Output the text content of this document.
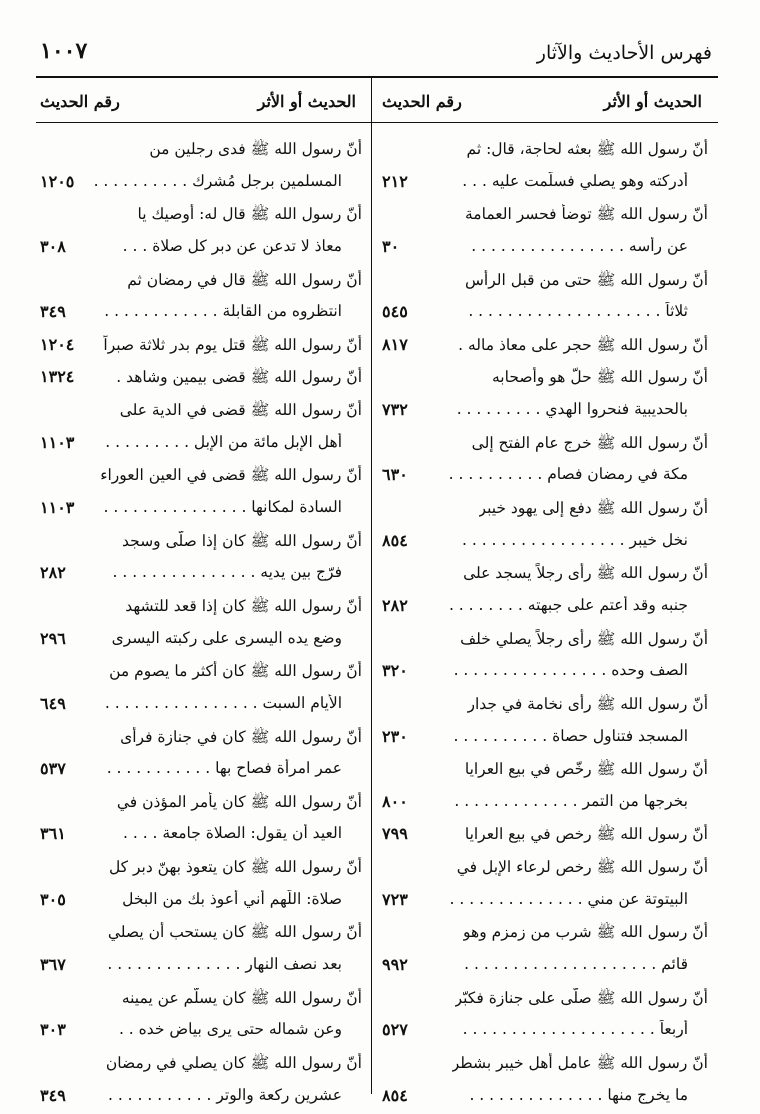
فهرس الأحاديث والآثار
١٠٠٧
الحديث أو الأثر
رقم الحديث
أنّ رسول الله ﷺ بعثه لحاجة، قال: ثم
أدركته وهو يصلي فسلّمت عليه . . .
٢١٢
أنّ رسول الله ﷺ توضأ فحسر العمامة
عن رأسه . . . . . . . . . . . . . . . .
٣٠
أنّ رسول الله ﷺ حتى من قبل الرأس
ثلاثاً . . . . . . . . . . . . . . . . . . . .
٥٤٥
أنّ رسول الله ﷺ حجر على معاذ ماله .
٨١٧
أنّ رسول الله ﷺ حلّ هو وأصحابه
بالحديبية فنحروا الهدي . . . . . . . . .
٧٣٢
أنّ رسول الله ﷺ خرج عام الفتح إلى
مكة في رمضان فصام . . . . . . . . . .
٦٣٠
أنّ رسول الله ﷺ دفع إلى يهود خيبر
نخل خيبر . . . . . . . . . . . . . . . . .
٨٥٤
أنّ رسول الله ﷺ رأى رجلاً يسجد على
جنبه وقد أعتم على جبهته . . . . . . . .
٢٨٢
أنّ رسول الله ﷺ رأى رجلاً يصلي خلف
الصف وحده . . . . . . . . . . . . . . . .
٣٢٠
أنّ رسول الله ﷺ رأى نخامة في جدار
المسجد فتناول حصاة . . . . . . . . . .
٢٣٠
أنّ رسول الله ﷺ رخّص في بيع العرايا
بخرجها من التمر . . . . . . . . . . . . .
٨٠٠
أنّ رسول الله ﷺ رخص في بيع العرايا
٧٩٩
أنّ رسول الله ﷺ رخص لرعاء الإبل في
البيتوتة عن مني . . . . . . . . . . . . . .
٧٢٣
أنّ رسول الله ﷺ شرب من زمزم وهو
قائم . . . . . . . . . . . . . . . . . . . .
٩٩٢
أنّ رسول الله ﷺ صلّى على جنازة فكبّر
أربعاً . . . . . . . . . . . . . . . . . . . .
٥٢٧
أنّ رسول الله ﷺ عامل أهل خيبر بشطر
ما يخرج منها . . . . . . . . . . . . . .
٨٥٤
الحديث أو الأثر
رقم الحديث
أنّ رسول الله ﷺ فدى رجلين من
المسلمين برجل مُشرك . . . . . . . . . .
١٢٠٥
أنّ رسول الله ﷺ قال له: أوصيك يا
معاذ لا تدعن عن دبر كل صلاة . . .
٣٠٨
أنّ رسول الله ﷺ قال في رمضان ثم
انتظروه من القابلة . . . . . . . . . . . .
٣٤٩
أنّ رسول الله ﷺ قتل يوم بدر ثلاثة صبراً
١٢٠٤
أنّ رسول الله ﷺ قضى بيمين وشاهد .
١٣٢٤
أنّ رسول الله ﷺ قضى في الدية على
أهل الإبل مائة من الإبل . . . . . . . . .
١١٠٣
أنّ رسول الله ﷺ قضى في العين العوراء
السادة لمكانها . . . . . . . . . . . . . . .
١١٠٣
أنّ رسول الله ﷺ كان إذا صلّى وسجد
فرّج بين يديه . . . . . . . . . . . . . . .
٢٨٢
أنّ رسول الله ﷺ كان إذا قعد للتشهد
وضع يده اليسرى على ركبته اليسرى
٢٩٦
أنّ رسول الله ﷺ كان أكثر ما يصوم من
الأيام السبت . . . . . . . . . . . . . . . .
٦٤٩
أنّ رسول الله ﷺ كان في جنازة فرأى
عمر امرأة فصاح بها . . . . . . . . . . .
٥٣٧
أنّ رسول الله ﷺ كان يأمر المؤذن في
العيد أن يقول: الصلاة جامعة . . . .
٣٦١
أنّ رسول الله ﷺ كان يتعوذ بهنّ دبر كل
صلاة: اللّهم أني أعوذ بك من البخل
٣٠٥
أنّ رسول الله ﷺ كان يستحب أن يصلي
بعد نصف النهار . . . . . . . . . . . . . .
٣٦٧
أنّ رسول الله ﷺ كان يسلّم عن يمينه
وعن شماله حتى يرى بياض خده . .
٣٠٣
أنّ رسول الله ﷺ كان يصلي في رمضان
عشرين ركعة والوتر . . . . . . . . . . .
٣٤٩
